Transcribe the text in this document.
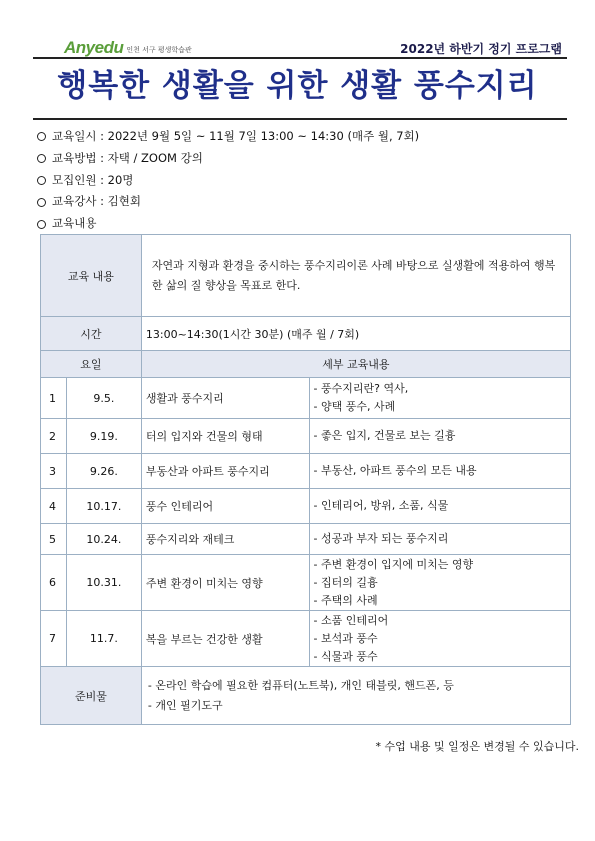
Anyedu 인천 서구 평생학습관	2022년 하반기 정기 프로그램
행복한 생활을 위한 생활 풍수지리
교육일시 : 2022년 9월 5일 ~ 11월 7일 13:00 ~ 14:30 (매주 월, 7회)
교육방법 : 자택 / ZOOM 강의
모집인원 : 20명
교육강사 : 김현회
교육내용
교육 내용		자연과 지형과 환경을 중시하는 풍수지리이론 사례 바탕으로 실생활에 적용하여 행복한 삶의 질 향상을 목표로 한다.	
시간		13:00~14:30(1시간 30분) (매주 월 / 7회)	
요일		세부 교육내용	
1	9.5.	생활과 풍수지리	- 풍수지리란? 역사,
- 양택 풍수, 사례

2	9.19.	터의 입지와 건물의 형태	- 좋은 입지, 건물로 보는 길흉

3	9.26.	부동산과 아파트 풍수지리	- 부동산, 아파트 풍수의 모든 내용

4	10.17.	풍수 인테리어	- 인테리어, 방위, 소품, 식물

5	10.24.	풍수지리와 재테크	- 성공과 부자 되는 풍수지리

6	10.31.	주변 환경이 미치는 영향	- 주변 환경이 입지에 미치는 영향
- 집터의 길흉
- 주택의 사례

7	11.7.	복을 부르는 건강한 생활	- 소품 인테리어
- 보석과 풍수
- 식물과 풍수

준비물		- 온라인 학습에 필요한 컴퓨터(노트북), 개인 태블릿, 핸드폰, 등
- 개인 필기도구	
* 수업 내용 및 일정은 변경될 수 있습니다.
